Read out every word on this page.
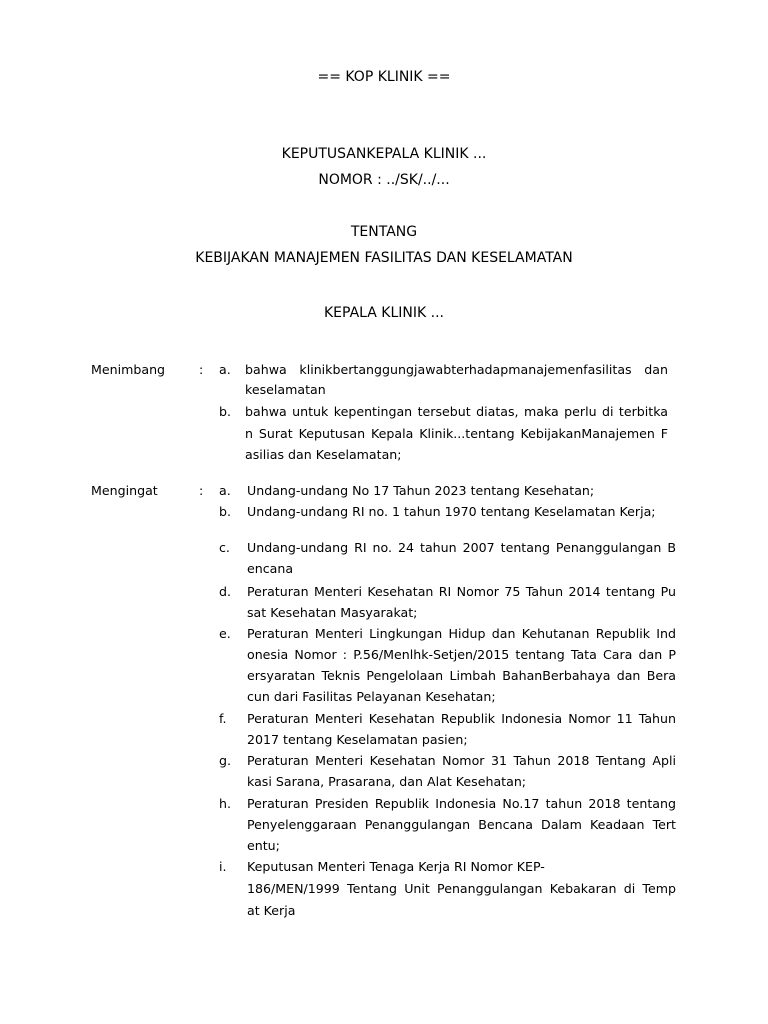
== KOP KLINIK ==
KEPUTUSANKEPALA KLINIK ...
NOMOR : ../SK/../...
TENTANG
KEBIJAKAN MANAJEMEN FASILITAS DAN KESELAMATAN
KEPALA KLINIK ...
Menimbang	: a. bahwa klinikbertanggungjawabterhadapmanajemenfasilitas dan
keselamatan
b. bahwa untuk kepentingan tersebut diatas, maka perlu di terbitka
n Surat Keputusan Kepala Klinik...tentang KebijakanManajemen F
asilias dan Keselamatan;
Mengingat	: a. Undang-undang No 17 Tahun 2023 tentang Kesehatan;
b. Undang-undang RI no. 1 tahun 1970 tentang Keselamatan Kerja;
c. Undang-undang RI no. 24 tahun 2007 tentang Penanggulangan B
encana
d. Peraturan Menteri Kesehatan RI Nomor 75 Tahun 2014 tentang Pu
sat Kesehatan Masyarakat;
e. Peraturan Menteri Lingkungan Hidup dan Kehutanan Republik Ind
onesia Nomor : P.56/Menlhk-Setjen/2015 tentang Tata Cara dan P
ersyaratan Teknis Pengelolaan Limbah BahanBerbahaya dan Bera
cun dari Fasilitas Pelayanan Kesehatan;
f. Peraturan Menteri Kesehatan Republik Indonesia Nomor 11 Tahun
2017 tentang Keselamatan pasien;
g. Peraturan Menteri Kesehatan Nomor 31 Tahun 2018 Tentang Apli
kasi Sarana, Prasarana, dan Alat Kesehatan;
h. Peraturan Presiden Republik Indonesia No.17 tahun 2018 tentang
Penyelenggaraan Penanggulangan Bencana Dalam Keadaan Tert
entu;
i. Keputusan Menteri Tenaga Kerja RI Nomor KEP-
186/MEN/1999 Tentang Unit Penanggulangan Kebakaran di Temp
at Kerja
